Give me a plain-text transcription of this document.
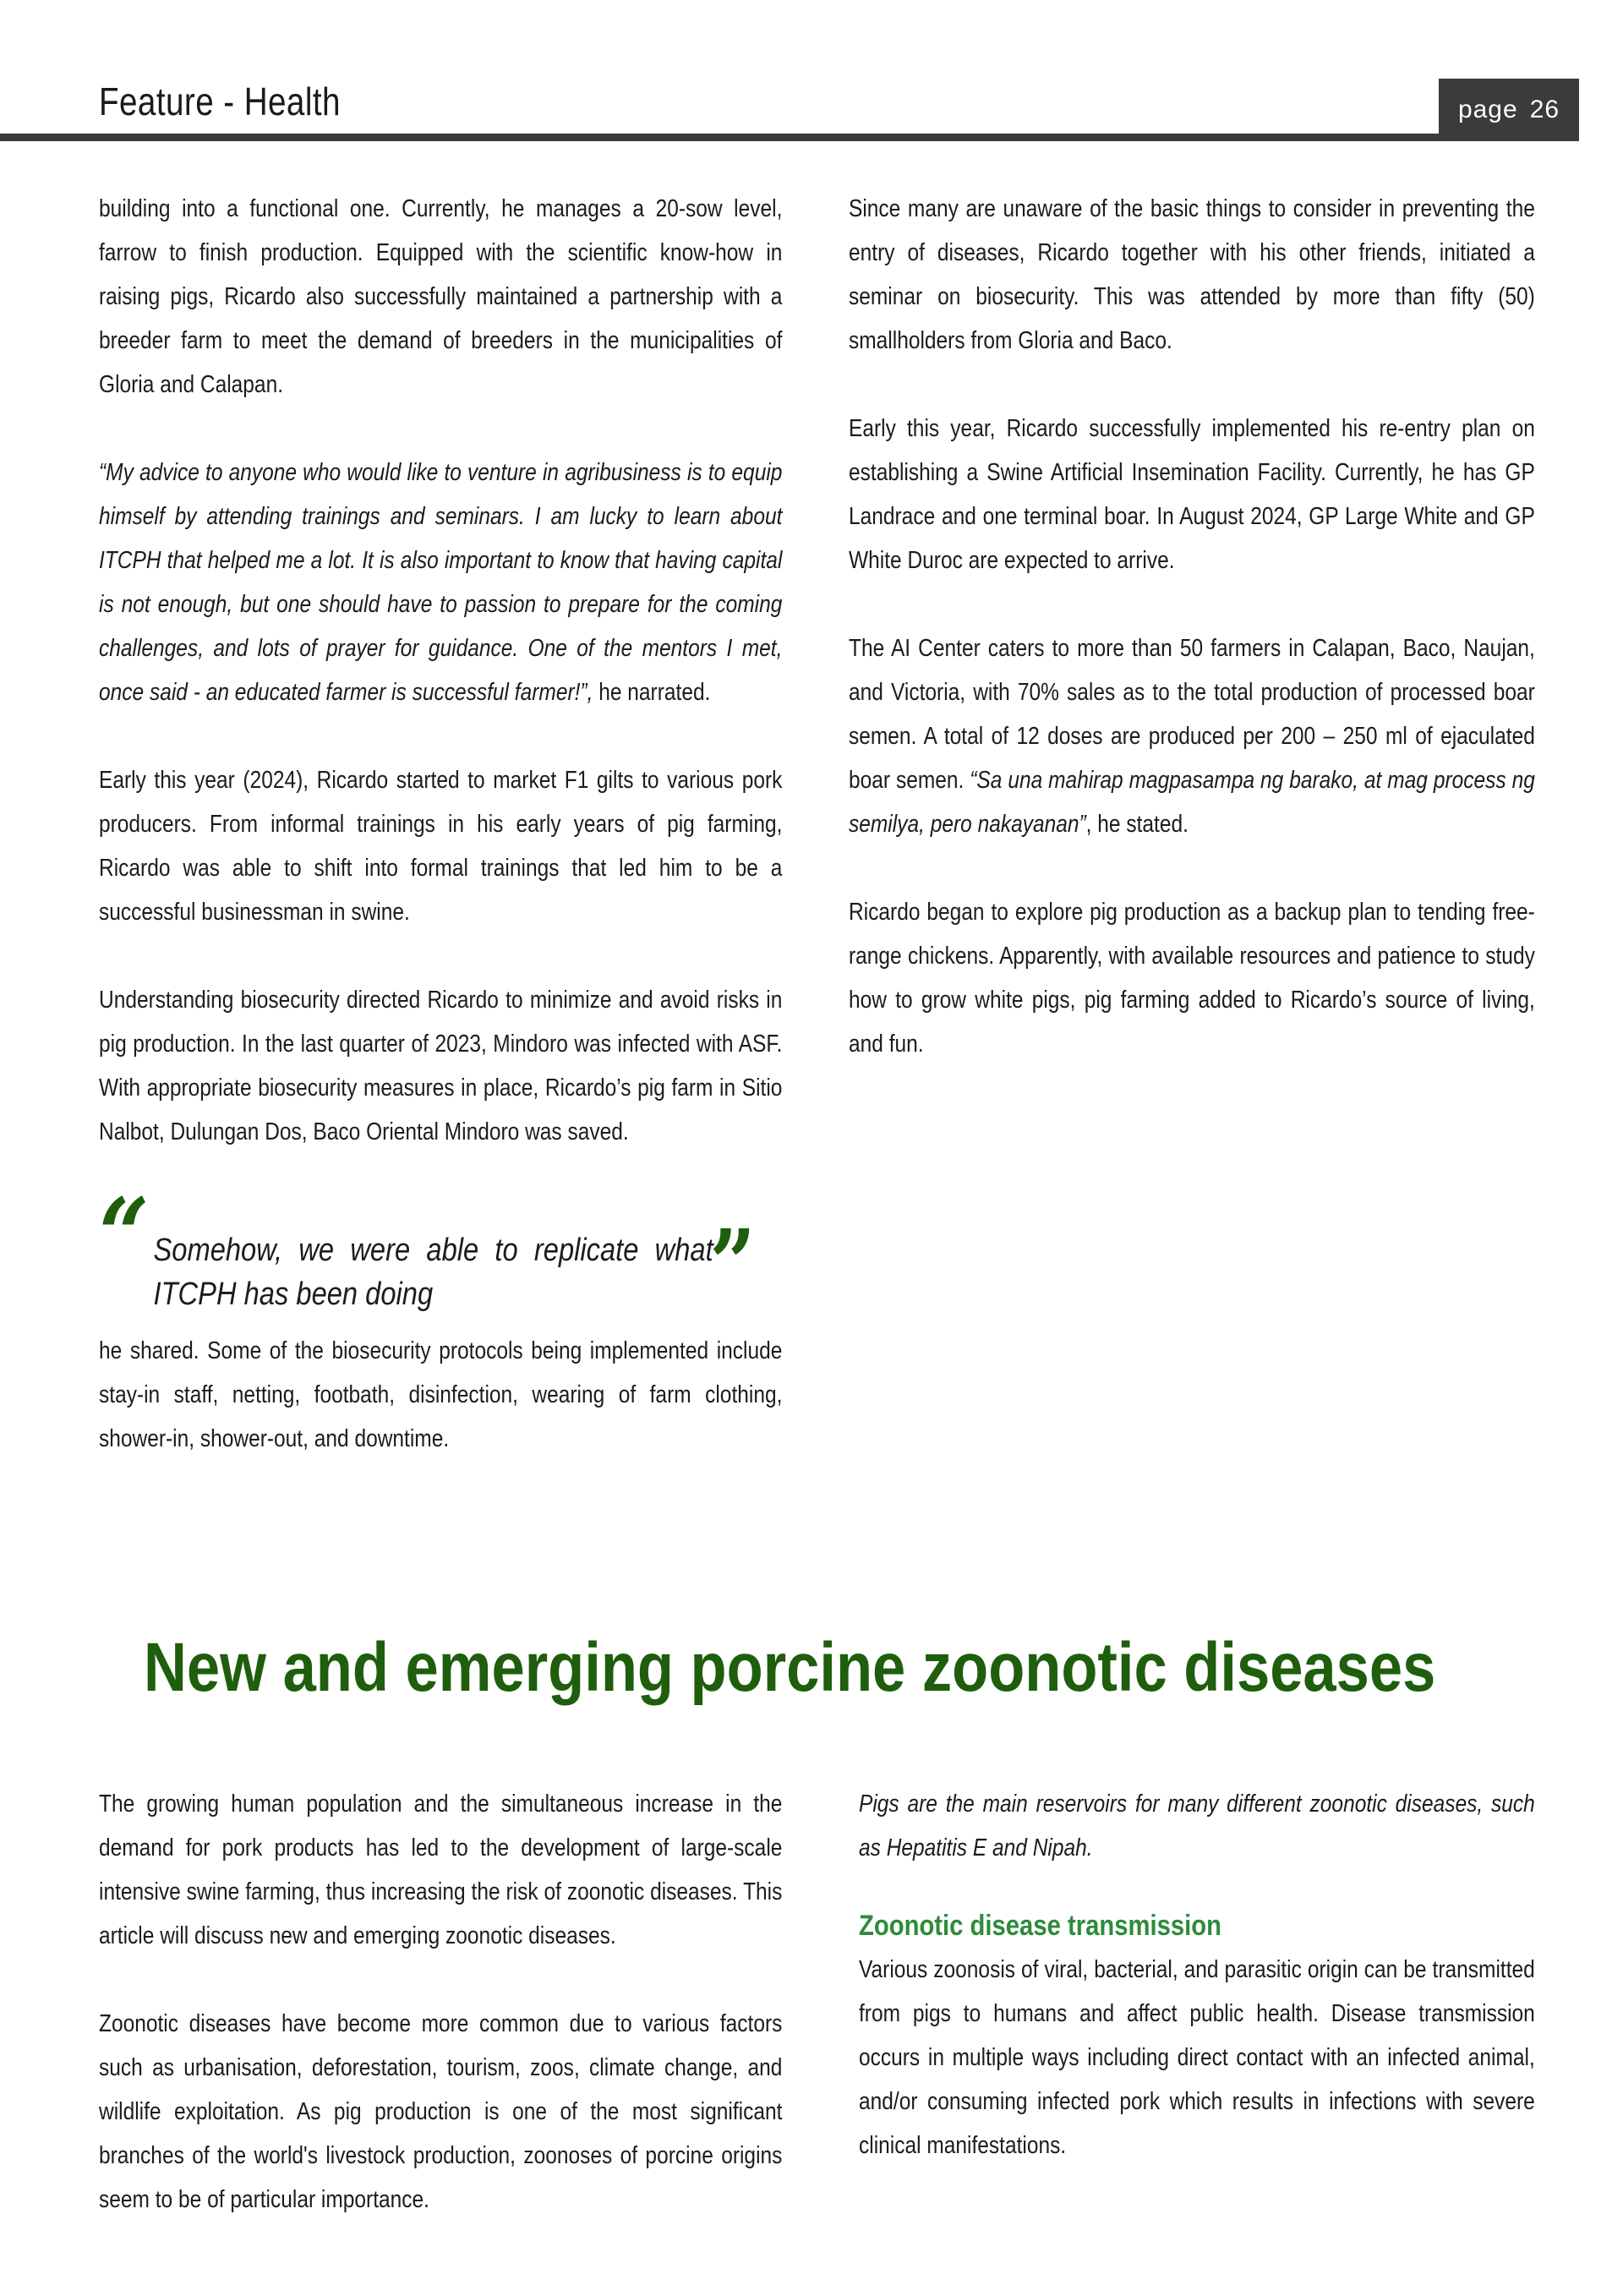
Feature - Health	page 26

building into a functional one. Currently, he manages a 20-sow level, farrow to finish production. Equipped with the scientific know-how in raising pigs, Ricardo also successfully maintained a partnership with a breeder farm to meet the demand of breeders in the municipalities of Gloria and Calapan.

“My advice to anyone who would like to venture in agribusiness is to equip himself by attending trainings and seminars. I am lucky to learn about ITCPH that helped me a lot. It is also important to know that having capital is not enough, but one should have to passion to prepare for the coming challenges, and lots of prayer for guidance. One of the mentors I met, once said - an educated farmer is successful farmer!”, he narrated.

Early this year (2024), Ricardo started to market F1 gilts to various pork producers. From informal trainings in his early years of pig farming, Ricardo was able to shift into formal trainings that led him to be a successful businessman in swine.

Understanding biosecurity directed Ricardo to minimize and avoid risks in pig production. In the last quarter of 2023, Mindoro was infected with ASF. With appropriate biosecurity measures in place, Ricardo’s pig farm in Sitio Nalbot, Dulungan Dos, Baco Oriental Mindoro was saved.

“ Somehow, we were able to replicate what ITCPH has been doing	”
he shared. Some of the biosecurity protocols being implemented include stay-in staff, netting, footbath, disinfection, wearing of farm clothing, shower-in, shower-out, and downtime.

Since many are unaware of the basic things to consider in preventing the entry of diseases, Ricardo together with his other friends, initiated a seminar on biosecurity. This was attended by more than fifty (50) smallholders from Gloria and Baco.

Early this year, Ricardo successfully implemented his re-entry plan on establishing a Swine Artificial Insemination Facility. Currently, he has GP Landrace and one terminal boar. In August 2024, GP Large White and GP White Duroc are expected to arrive.

The AI Center caters to more than 50 farmers in Calapan, Baco, Naujan, and Victoria, with 70% sales as to the total production of processed boar semen. A total of 12 doses are produced per 200 – 250 ml of ejaculated boar semen. “Sa una mahirap magpasampa ng barako, at mag process ng semilya, pero nakayanan”, he stated.

Ricardo began to explore pig production as a backup plan to tending free-range chickens. Apparently, with available resources and patience to study how to grow white pigs, pig farming added to Ricardo’s source of living, and fun.

New and emerging porcine zoonotic diseases

The growing human population and the simultaneous increase in the demand for pork products has led to the development of large-scale intensive swine farming, thus increasing the risk of zoonotic diseases. This article will discuss new and emerging zoonotic diseases.

Zoonotic diseases have become more common due to various factors such as urbanisation, deforestation, tourism, zoos, climate change, and wildlife exploitation. As pig production is one of the most significant branches of the world's livestock production, zoonoses of porcine origins seem to be of particular importance.

Pigs are the main reservoirs for many different zoonotic diseases, such as Hepatitis E and Nipah.

Zoonotic disease transmission

Various zoonosis of viral, bacterial, and parasitic origin can be transmitted from pigs to humans and affect public health. Disease transmission occurs in multiple ways including direct contact with an infected animal, and/or consuming infected pork which results in infections with severe clinical manifestations.
